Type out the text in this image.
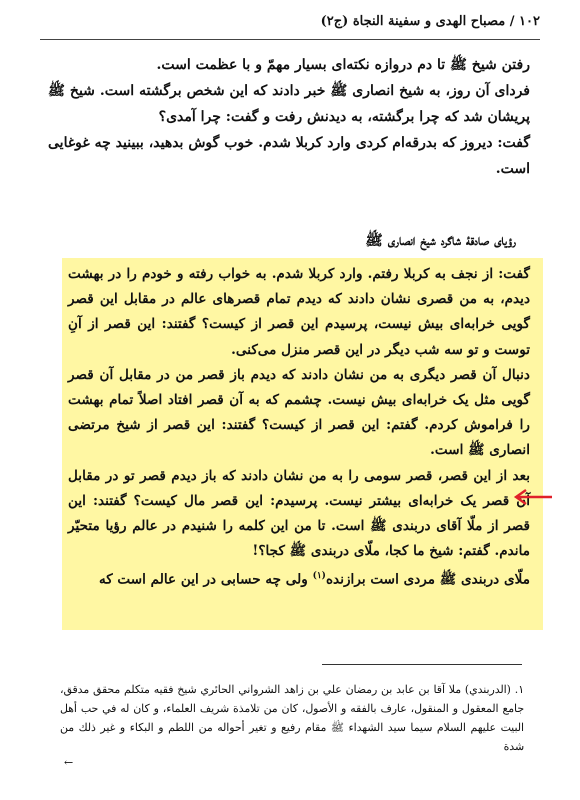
١٠٢ / مصباح الهدى و سفينة النجاة (ج٢)

رفتن شیخ ﷺ تا دم دروازه نکته‌ای بسیار مهمّ و با عظمت است.

فردای آن روز، به شیخ انصاری ﷺ خبر دادند که این شخص برگشته است. شیخ ﷺ پریشان شد که چرا برگشته، به دیدنش رفت و گفت: چرا آمدی؟

گفت: دیروز که بدرقه‌ام کردی وارد کربلا شدم. خوب گوش بدهید، ببینید چه غوغایی است.

رؤیای صادقۀ شاگرد شیخ انصاری ﷺ

گفت: از نجف به کربلا رفتم. وارد کربلا شدم. به خواب رفته و خودم را در بهشت دیدم، به من قصری نشان دادند که دیدم تمام قصرهای عالم در مقابل این قصر گویی خرابه‌ای بیش نیست، پرسیدم این قصر از کیست؟ گفتند: این قصر از آنِ توست و تو سه شب دیگر در این قصر منزل می‌کنی.

دنبال آن قصر دیگری به من نشان دادند که دیدم باز قصر من در مقابل آن قصر گویی مثل یک خرابه‌ای بیش نیست. چشمم که به آن قصر افتاد اصلاً تمام بهشت را فراموش کردم. گفتم: این قصر از کیست؟ گفتند: این قصر از شیخ مرتضی انصاری ﷺ است.

بعد از این قصر، قصر سومی را به من نشان دادند که باز دیدم قصر تو در مقابل آن قصر یک خرابه‌ای بیشتر نیست. پرسیدم: این قصر مال کیست؟ گفتند: این قصر از ملّا آقای دربندی ﷺ است. تا من این کلمه را شنیدم در عالم رؤیا متحیّر ماندم. گفتم: شیخ ما کجا، ملّای دربندی ﷺ کجا؟!

ملّای دربندی ﷺ مردی است برازنده$^{(١)}$ ولی چه حسابی در این عالم است که

١. (الدربندي) ملا آقا بن عابد بن رمضان علي بن زاهد الشرواني الحائري شيخ فقيه متكلم محقق مدقق، جامع المعقول و المنقول، عارف بالفقه و الأصول، كان من تلامذة شريف العلماء، و كان له في حب أهل البيت عليهم السلام سيما سيد الشهداء ﷺ مقام رفيع و تغير أحواله من اللطم و البكاء و غير ذلك من شدة

←
